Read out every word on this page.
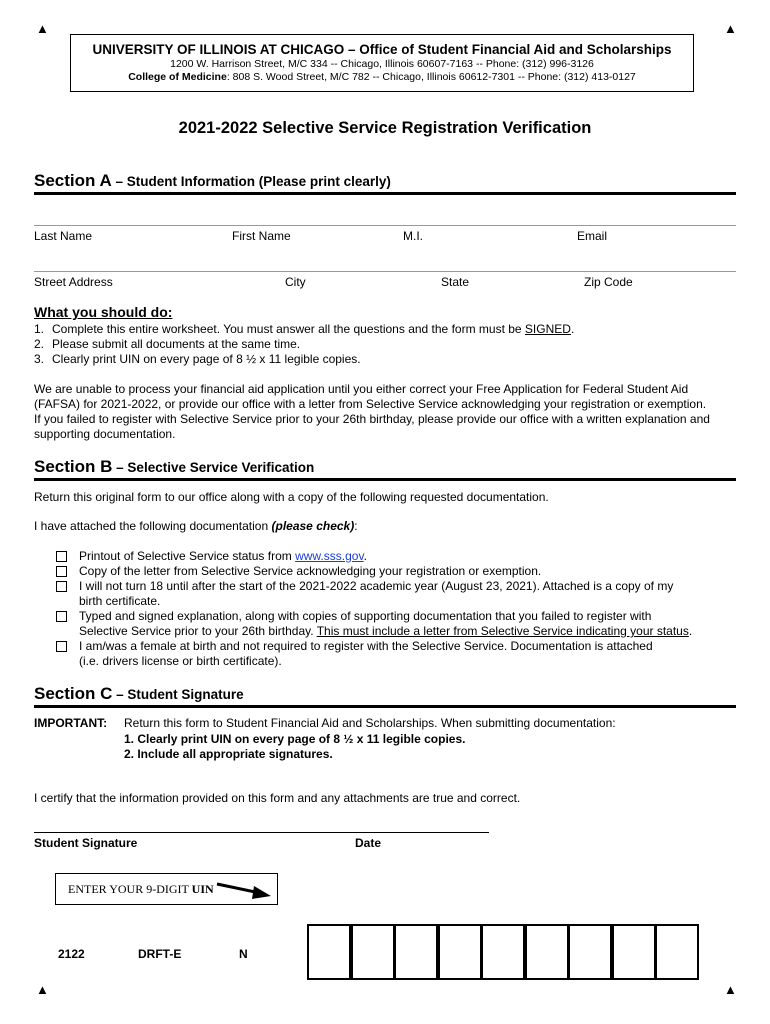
▲	▲
▲	▲
UNIVERSITY OF ILLINOIS AT CHICAGO – Office of Student Financial Aid and Scholarships
1200 W. Harrison Street, M/C 334 -- Chicago, Illinois 60607-7163 -- Phone: (312) 996-3126
College of Medicine: 808 S. Wood Street, M/C 782 -- Chicago, Illinois 60612-7301 -- Phone: (312) 413-0127
2021-2022 Selective Service Registration Verification
Section A – Student Information (Please print clearly)
Last Name	First Name	M.I.	Email
Street Address	City	State	Zip Code
What you should do:
1. Complete this entire worksheet. You must answer all the questions and the form must be SIGNED.
2. Please submit all documents at the same time.
3. Clearly print UIN on every page of 8 ½ x 11 legible copies.
We are unable to process your financial aid application until you either correct your Free Application for Federal Student Aid
(FAFSA) for 2021-2022, or provide our office with a letter from Selective Service acknowledging your registration or exemption.
If you failed to register with Selective Service prior to your 26th birthday, please provide our office with a written explanation and
supporting documentation.
Section B – Selective Service Verification
Return this original form to our office along with a copy of the following requested documentation.
I have attached the following documentation (please check):
Printout of Selective Service status from www.sss.gov.
Copy of the letter from Selective Service acknowledging your registration or exemption.
I will not turn 18 until after the start of the 2021-2022 academic year (August 23, 2021). Attached is a copy of my
birth certificate.
Typed and signed explanation, along with copies of supporting documentation that you failed to register with
Selective Service prior to your 26th birthday. This must include a letter from Selective Service indicating your status.
I am/was a female at birth and not required to register with the Selective Service. Documentation is attached
(i.e. drivers license or birth certificate).
Section C – Student Signature
IMPORTANT: Return this form to Student Financial Aid and Scholarships. When submitting documentation:
1. Clearly print UIN on every page of 8 ½ x 11 legible copies.
2. Include all appropriate signatures.
I certify that the information provided on this form and any attachments are true and correct.
Student Signature	Date
ENTER YOUR 9-DIGIT UIN
2122	DRFT-E	N
